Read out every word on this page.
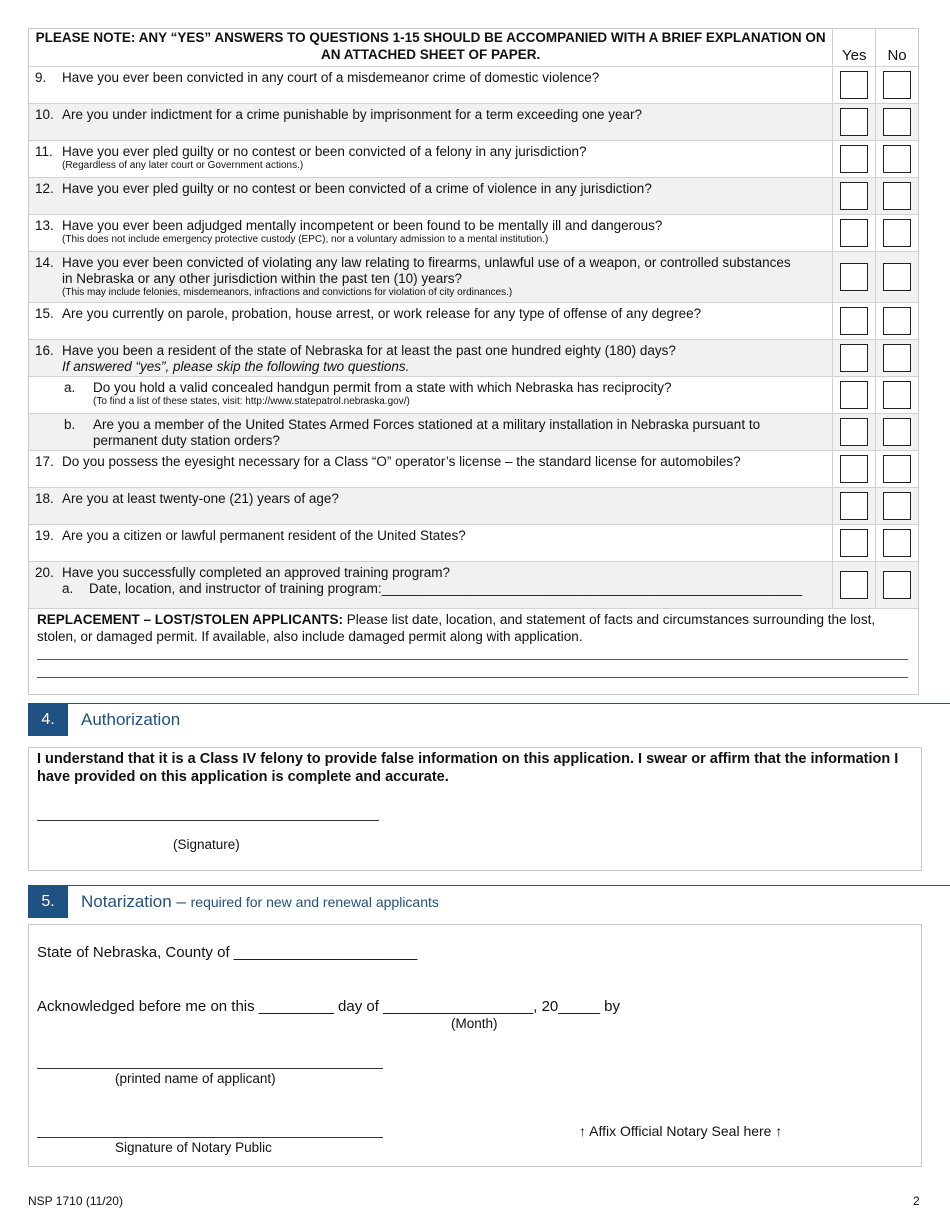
PLEASE NOTE: ANY “YES” ANSWERS TO QUESTIONS 1-15 SHOULD BE ACCOMPANIED WITH A BRIEF EXPLANATION ON AN ATTACHED SHEET OF PAPER.	Yes	No
9.	Have you ever been convicted in any court of a misdemeanor crime of domestic violence?
10. Are you under indictment for a crime punishable by imprisonment for a term exceeding one year?
11. Have you ever pled guilty or no contest or been convicted of a felony in any jurisdiction?
(Regardless of any later court or Government actions.)
12. Have you ever pled guilty or no contest or been convicted of a crime of violence in any jurisdiction?
13. Have you ever been adjudged mentally incompetent or been found to be mentally ill and dangerous?
(This does not include emergency protective custody (EPC), nor a voluntary admission to a mental institution.)
14. Have you ever been convicted of violating any law relating to firearms, unlawful use of a weapon, or controlled substances
in Nebraska or any other jurisdiction within the past ten (10) years?
(This may include felonies, misdemeanors, infractions and convictions for violation of city ordinances.)
15. Are you currently on parole, probation, house arrest, or work release for any type of offense of any degree?
16. Have you been a resident of the state of Nebraska for at least the past one hundred eighty (180) days?
If answered “yes”, please skip the following two questions.
a.	Do you hold a valid concealed handgun permit from a state with which Nebraska has reciprocity?
(To find a list of these states, visit: http://www.statepatrol.nebraska.gov/)
b.	Are you a member of the United States Armed Forces stationed at a military installation in Nebraska pursuant to
permanent duty station orders?
17. Do you possess the eyesight necessary for a Class “O” operator’s license – the standard license for automobiles?
18. Are you at least twenty-one (21) years of age?
19. Are you a citizen or lawful permanent resident of the United States?
20. Have you successfully completed an approved training program?
a.	Date, location, and instructor of training program:________________________________________________________
REPLACEMENT – LOST/STOLEN APPLICANTS: Please list date, location, and statement of facts and circumstances surrounding the lost, stolen, or damaged permit. If available, also include damaged permit along with application.
4.	Authorization
I understand that it is a Class IV felony to provide false information on this application. I swear or affirm that the information I have provided on this application is complete and accurate.
(Signature)
5.	Notarization – required for new and renewal applicants
State of Nebraska, County of ______________________
Acknowledged before me on this _________ day of __________________, 20_____ by
(Month)
(printed name of applicant)
Signature of Notary Public
↑ Affix Official Notary Seal here ↑
NSP 1710 (11/20)	2
